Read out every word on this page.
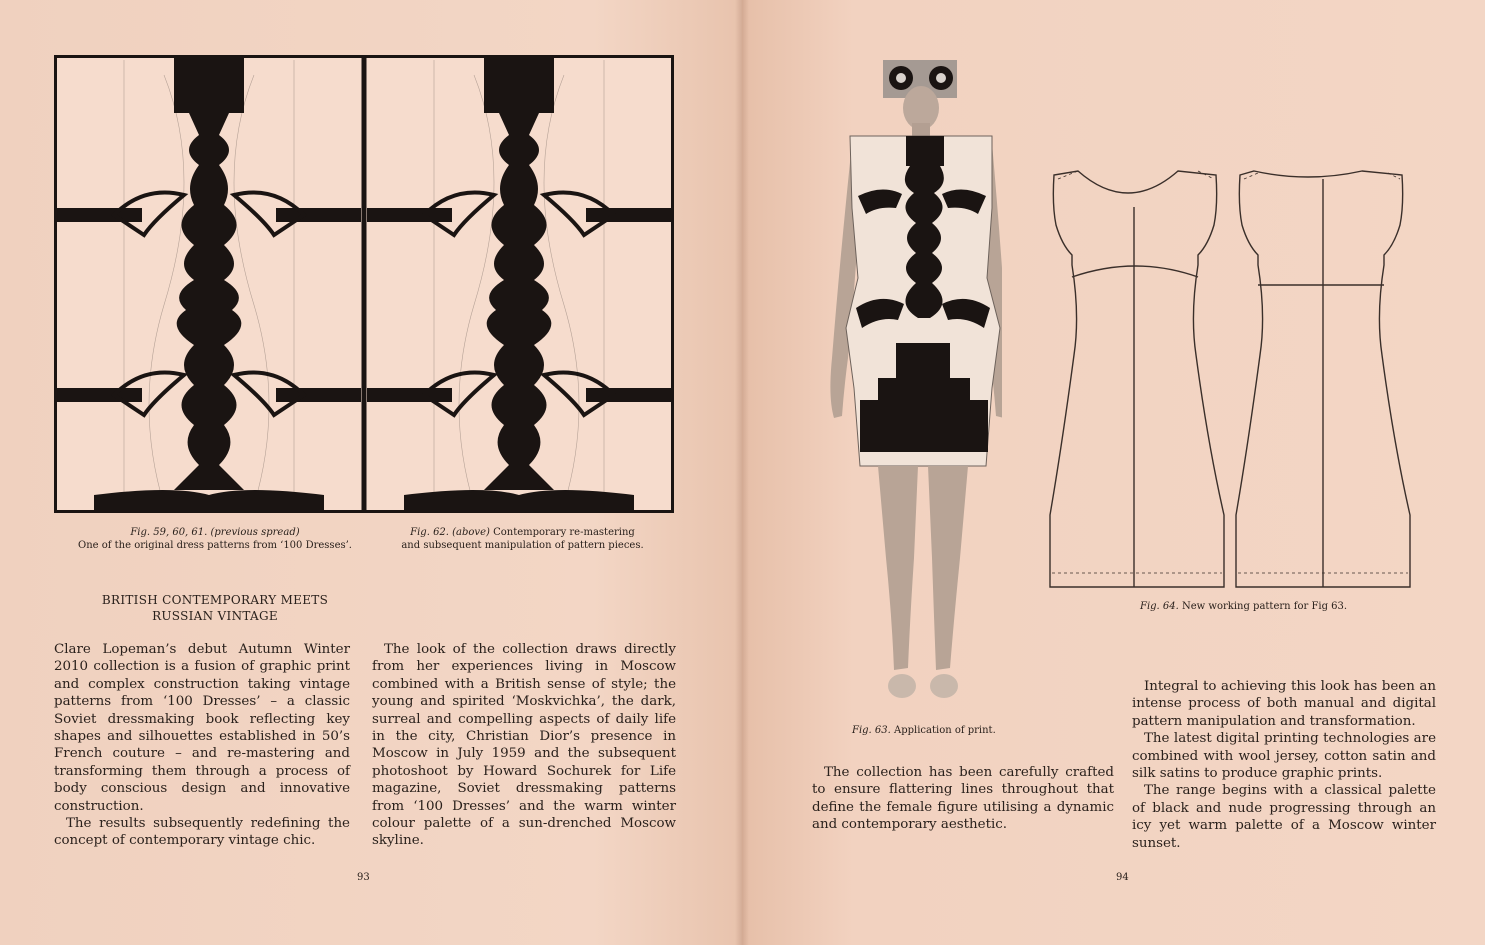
Fig. 59, 60, 61. (previous spread)
One of the original dress patterns from ‘100 Dresses’.
Fig. 62. (above) Contemporary re-mastering
and subsequent manipulation of pattern pieces.
BRITISH CONTEMPORARY MEETS
RUSSIAN VINTAGE

Clare Lopeman’s debut Autumn Winter 2010 collection is a fusion of graphic print and complex construction taking vintage patterns from ‘100 Dresses’ – a classic Soviet dressmaking book reflecting key shapes and silhouettes established in 50’s French couture – and re-mastering and transforming them through a process of body conscious design and innovative construction.

The results subsequently redefining the concept of contemporary vintage chic.

The look of the collection draws directly from her experiences living in Moscow combined with a British sense of style; the young and spirited ‘Moskvichka’, the dark, surreal and compelling aspects of daily life in the city, Christian Dior’s presence in Moscow in July 1959 and the subsequent photoshoot by Howard Sochurek for Life magazine, Soviet dressmaking patterns from ‘100 Dresses’ and the warm winter colour palette of a sun-drenched Moscow skyline.

93
Fig. 63. Application of print.
Fig. 64. New working pattern for Fig 63.

The collection has been carefully crafted to ensure flattering lines throughout that define the female figure utilising a dynamic and contemporary aesthetic.

Integral to achieving this look has been an intense process of both manual and digital pattern manipulation and transformation.

The latest digital printing technologies are combined with wool jersey, cotton satin and silk satins to produce graphic prints.

The range begins with a classical palette of black and nude progressing through an icy yet warm palette of a Moscow winter sunset.

94
